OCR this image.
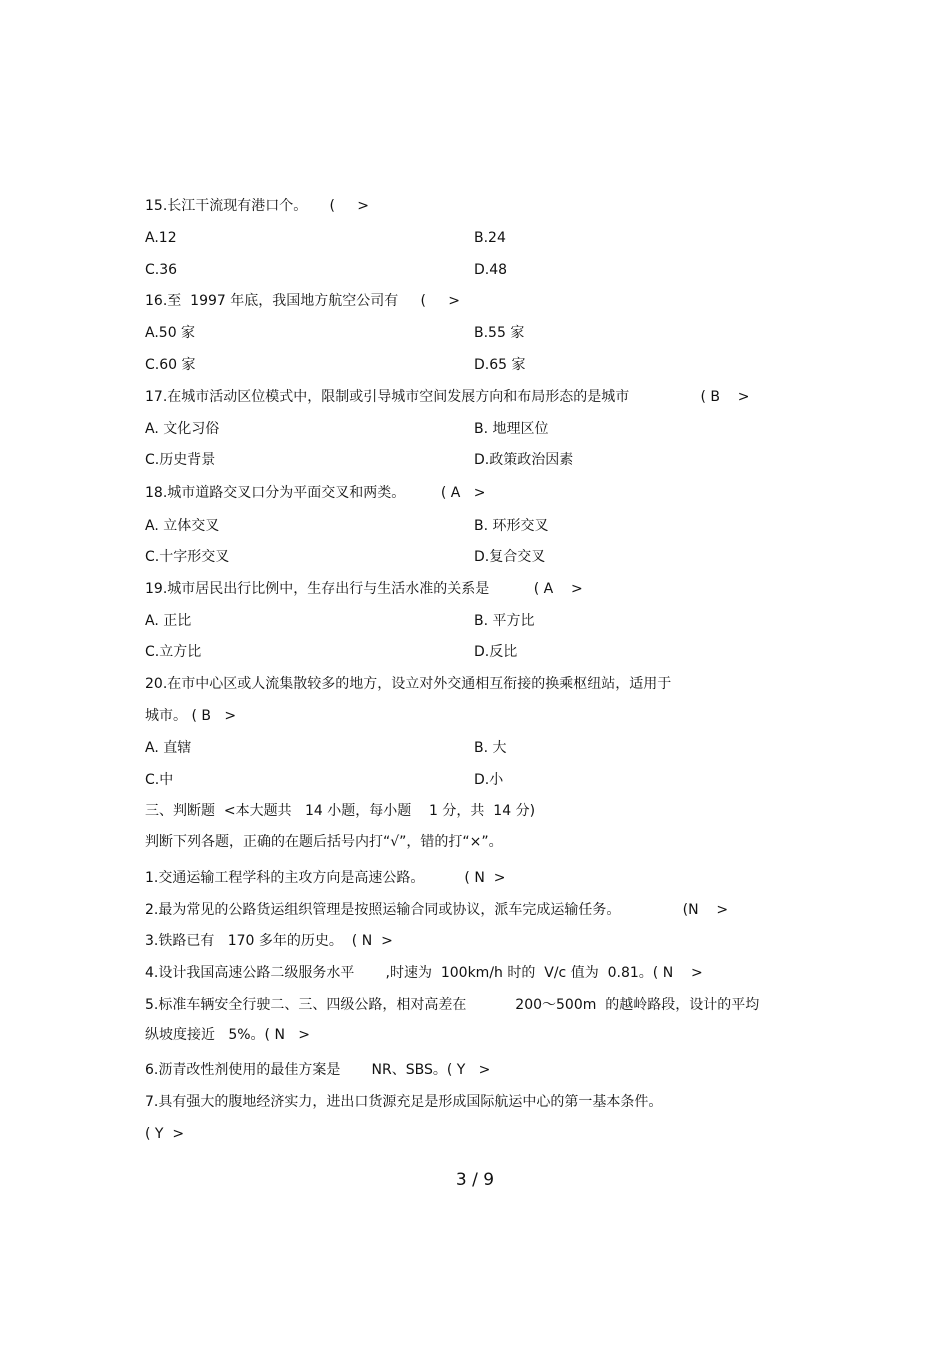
15.长江干流现有港口个。     (     >
A.12	B.24
C.36	D.48
16.至  1997 年底，我国地方航空公司有     (     >
A.50 家	B.55 家
C.60 家	D.65 家
17.在城市活动区位模式中，限制或引导城市空间发展方向和布局形态的是城市                ( B    >
A. 文化习俗	B. 地理区位
C.历史背景	D.政策政治因素
18.城市道路交叉口分为平面交叉和两类。        ( A   >
A. 立体交叉	B. 环形交叉
C.十字形交叉	D.复合交叉
19.城市居民出行比例中，生存出行与生活水准的关系是          ( A    >
A. 正比	B. 平方比
C.立方比	D.反比
20.在市中心区或人流集散较多的地方，设立对外交通相互衔接的换乘枢纽站，适用于
城市。 ( B   >
A. 直辖	B. 大
C.中	D.小
三、判断题  <本大题共   14 小题，每小题    1 分，共  14 分)
判断下列各题，正确的在题后括号内打“√”，错的打“×”。
1.交通运输工程学科的主攻方向是高速公路。         ( N  >
2.最为常见的公路货运组织管理是按照运输合同或协议，派车完成运输任务。              (N    >
3.铁路已有   170 多年的历史。  ( N  >
4.设计我国高速公路二级服务水平       ,时速为  100km/h 时的  V/c 值为  0.81。( N    >
5.标准车辆安全行驶二、三、四级公路，相对高差在           200～500m  的越岭路段，设计的平均
纵坡度接近   5%。( N   >
6.沥青改性剂使用的最佳方案是       NR、SBS。( Y   >
7.具有强大的腹地经济实力，进出口货源充足是形成国际航运中心的第一基本条件。
( Y  >
3 / 9
